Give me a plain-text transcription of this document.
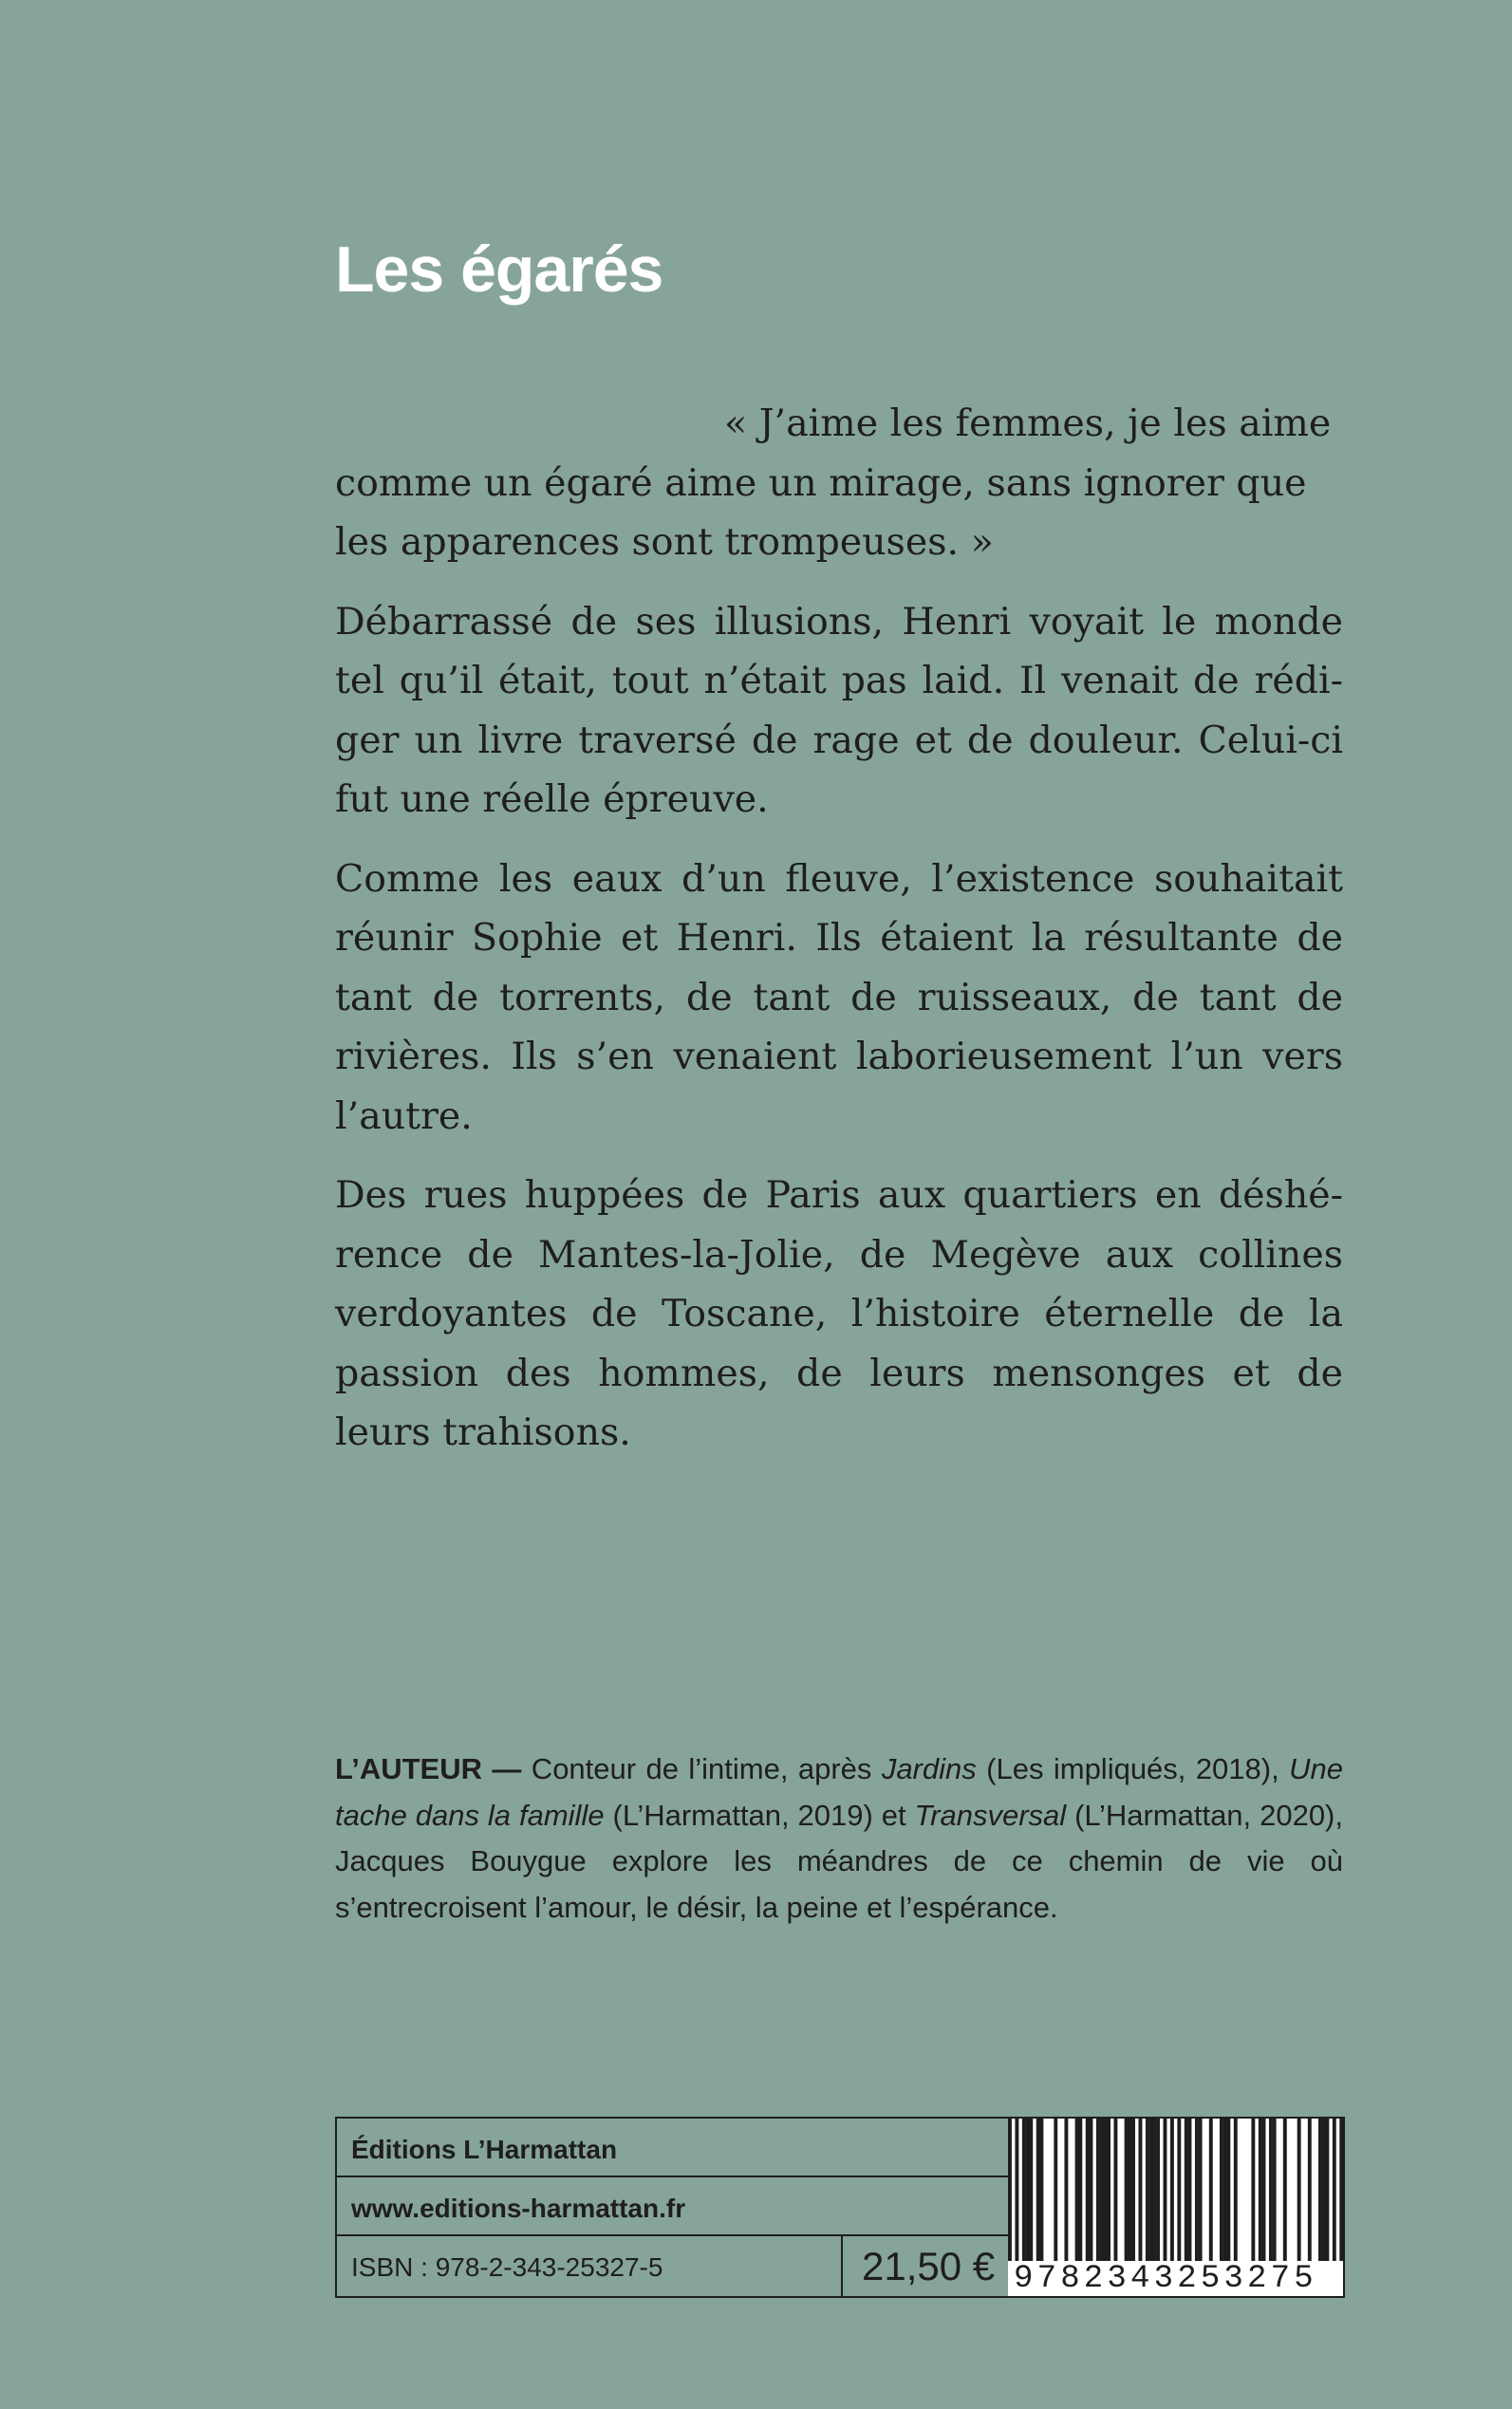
Les égarés

« J’aime les femmes, je les aime comme un égaré aime un mirage, sans ignorer que les apparences sont trompeuses. »

Débarrassé de ses illusions, Henri voyait le monde tel qu’il était, tout n’était pas laid. Il venait de rédiger un livre traversé de rage et de douleur. Celui-ci fut une réelle épreuve.

Comme les eaux d’un fleuve, l’existence souhaitait réunir Sophie et Henri. Ils étaient la résultante de tant de torrents, de tant de ruisseaux, de tant de rivières. Ils s’en venaient laborieusement l’un vers l’autre.

Des rues huppées de Paris aux quartiers en déshérence de Mantes-la-Jolie, de Megève aux collines verdoyantes de Toscane, l’histoire éternelle de la passion des hommes, de leurs mensonges et de leurs trahisons.

L’AUTEUR — Conteur de l’intime, après Jardins (Les impliqués, 2018), Une tache dans la famille (L’Harmattan, 2019) et Transversal (L’Harmattan, 2020), Jacques Bouygue explore les méandres de ce chemin de vie où s’entrecroisent l’amour, le désir, la peine et l’espérance.

Éditions L’Harmattan
www.editions-harmattan.fr
ISBN : 978-2-343-25327-5	21,50 € 9782343253275
